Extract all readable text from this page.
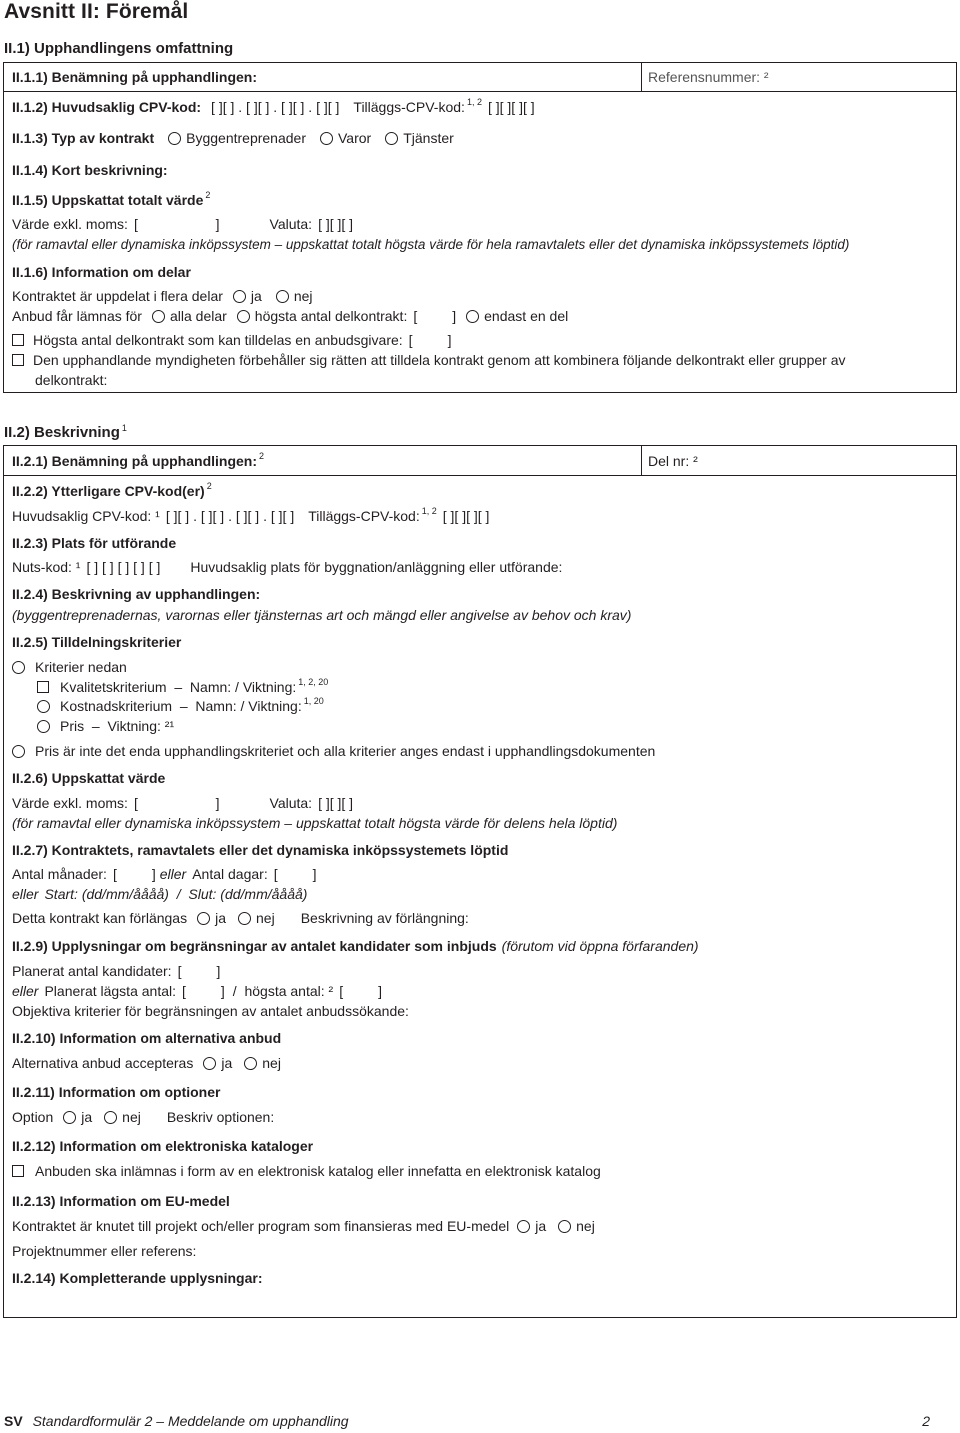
Avsnitt II: Föremål
II.1) Upphandlingens omfattning
II.1.1) Benämning på upphandlingen:	Referensnummer: ²
II.1.2) Huvudsaklig CPV-kod: [ ][ ] . [ ][ ] . [ ][ ] . [ ][ ] Tilläggs-CPV-kod: 1, 2 [ ][ ][ ][ ]
II.1.3) Typ av kontrakt Byggentreprenader Varor Tjänster
II.1.4) Kort beskrivning:
II.1.5) Uppskattat totalt värde 2
Värde exkl. moms: [                    ]	Valuta: [ ][ ][ ]
(för ramavtal eller dynamiska inköpssystem – uppskattat totalt högsta värde för hela ramavtalets eller det dynamiska inköpssystemets löptid)
II.1.6) Information om delar
Kontraktet är uppdelat i flera delar ja nej
Anbud får lämnas för alla delar högsta antal delkontrakt: [         ] endast en del
Högsta antal delkontrakt som kan tilldelas en anbudsgivare: [         ]
Den upphandlande myndigheten förbehåller sig rätten att tilldela kontrakt genom att kombinera följande delkontrakt eller grupper av
delkontrakt:
II.2) Beskrivning 1
II.2.1) Benämning på upphandlingen: 2	Del nr: ²
II.2.2) Ytterligare CPV-kod(er) 2
Huvudsaklig CPV-kod: ¹ [ ][ ] . [ ][ ] . [ ][ ] . [ ][ ] Tilläggs-CPV-kod: 1, 2 [ ][ ][ ][ ]
II.2.3) Plats för utförande
Nuts-kod: ¹ [ ] [ ] [ ] [ ] [ ] Huvudsaklig plats för byggnation/anläggning eller utförande:
II.2.4) Beskrivning av upphandlingen:
(byggentreprenadernas, varornas eller tjänsternas art och mängd eller angivelse av behov och krav)
II.2.5) Tilldelningskriterier
Kriterier nedan
Kvalitetskriterium  –  Namn: / Viktning: 1, 2, 20
Kostnadskriterium  –  Namn: / Viktning: 1, 20
Pris  –  Viktning: ²¹
Pris är inte det enda upphandlingskriteriet och alla kriterier anges endast i upphandlingsdokumenten
II.2.6) Uppskattat värde
Värde exkl. moms: [                    ]	Valuta: [ ][ ][ ]
(för ramavtal eller dynamiska inköpssystem – uppskattat totalt högsta värde för delens hela löptid)
II.2.7) Kontraktets, ramavtalets eller det dynamiska inköpssystemets löptid
Antal månader: [         ] eller Antal dagar: [         ]
eller Start: (dd/mm/åååå)  /  Slut: (dd/mm/åååå)
Detta kontrakt kan förlängas ja nej Beskrivning av förlängning:
II.2.9) Upplysningar om begränsningar av antalet kandidater som inbjuds (förutom vid öppna förfaranden)
Planerat antal kandidater: [         ]
eller Planerat lägsta antal: [         ] /  högsta antal: ² [         ]
Objektiva kriterier för begränsningen av antalet anbudssökande:
II.2.10) Information om alternativa anbud
Alternativa anbud accepteras ja nej
II.2.11) Information om optioner
Option ja nej Beskriv optionen:
II.2.12) Information om elektroniska kataloger
Anbuden ska inlämnas i form av en elektronisk katalog eller innefatta en elektronisk katalog
II.2.13) Information om EU-medel
Kontraktet är knutet till projekt och/eller program som finansieras med EU-medel ja nej
Projektnummer eller referens:
II.2.14) Kompletterande upplysningar:
SV Standardformulär 2 – Meddelande om upphandling	2
